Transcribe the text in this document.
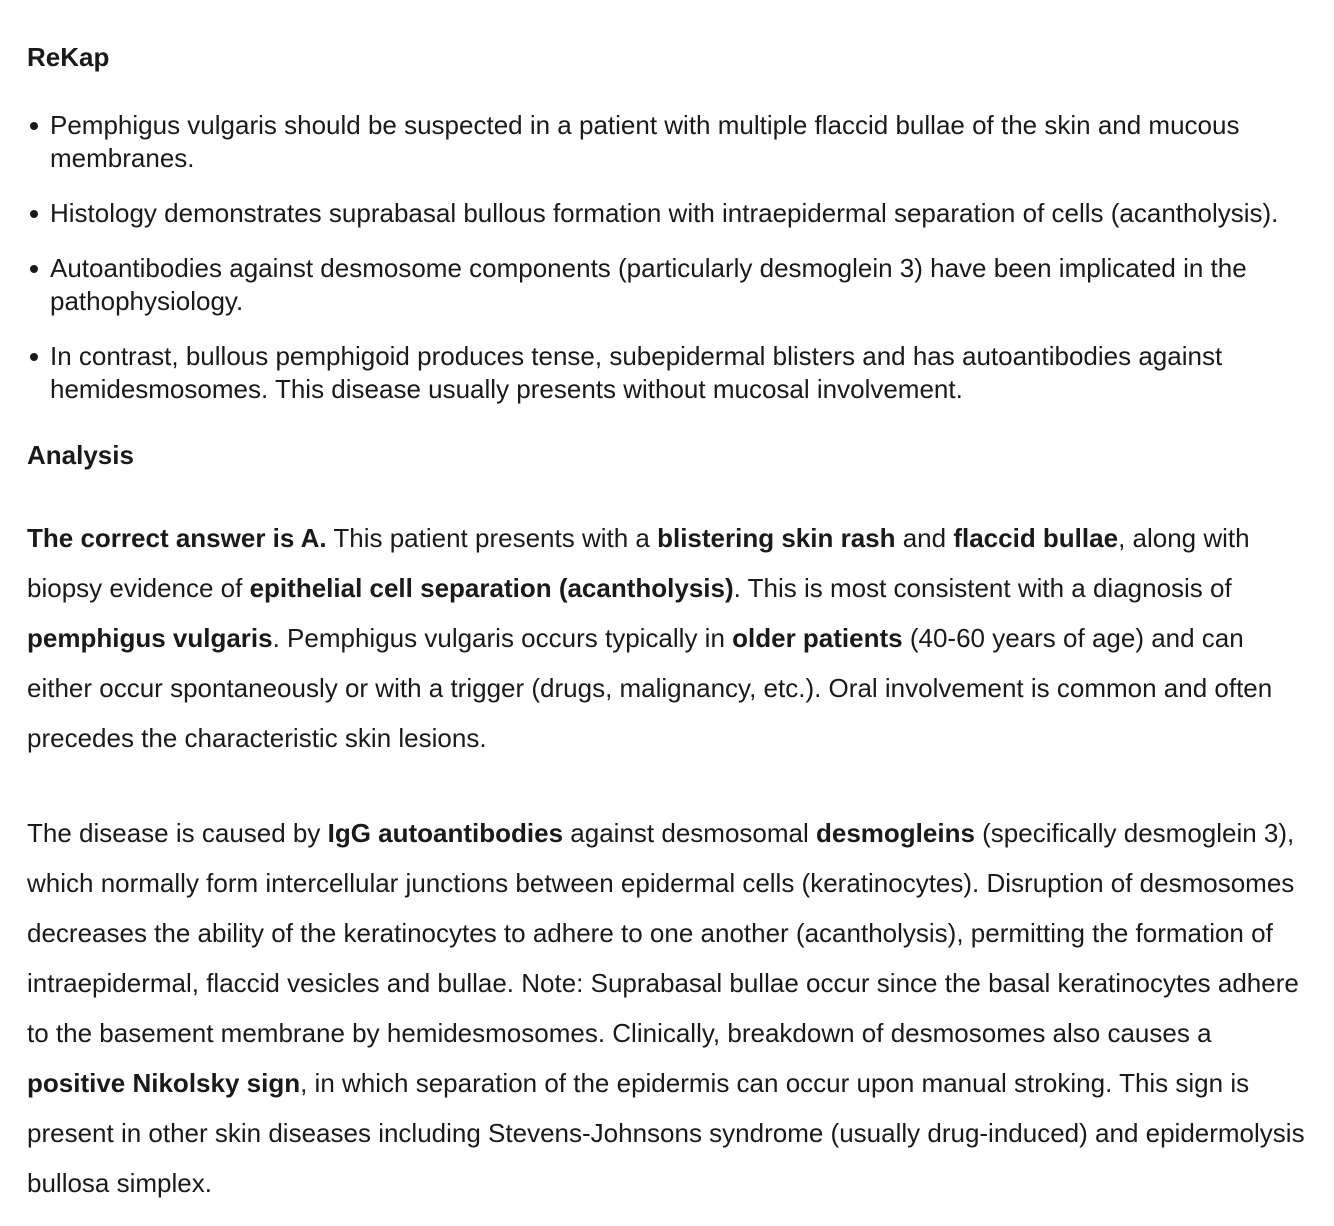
ReKap
Pemphigus vulgaris should be suspected in a patient with multiple flaccid bullae of the skin and mucous membranes.
Histology demonstrates suprabasal bullous formation with intraepidermal separation of cells (acantholysis).
Autoantibodies against desmosome components (particularly desmoglein 3) have been implicated in the pathophysiology.
In contrast, bullous pemphigoid produces tense, subepidermal blisters and has autoantibodies against hemidesmosomes. This disease usually presents without mucosal involvement.
Analysis

The correct answer is A. This patient presents with a blistering skin rash and flaccid bullae, along with biopsy evidence of epithelial cell separation (acantholysis). This is most consistent with a diagnosis of pemphigus vulgaris. Pemphigus vulgaris occurs typically in older patients (40-60 years of age) and can either occur spontaneously or with a trigger (drugs, malignancy, etc.). Oral involvement is common and often precedes the characteristic skin lesions.

The disease is caused by IgG autoantibodies against desmosomal desmogleins (specifically desmoglein 3), which normally form intercellular junctions between epidermal cells (keratinocytes). Disruption of desmosomes decreases the ability of the keratinocytes to adhere to one another (acantholysis), permitting the formation of intraepidermal, flaccid vesicles and bullae. Note: Suprabasal bullae occur since the basal keratinocytes adhere to the basement membrane by hemidesmosomes. Clinically, breakdown of desmosomes also causes a positive Nikolsky sign, in which separation of the epidermis can occur upon manual stroking. This sign is present in other skin diseases including Stevens-Johnsons syndrome (usually drug-induced) and epidermolysis bullosa simplex.
